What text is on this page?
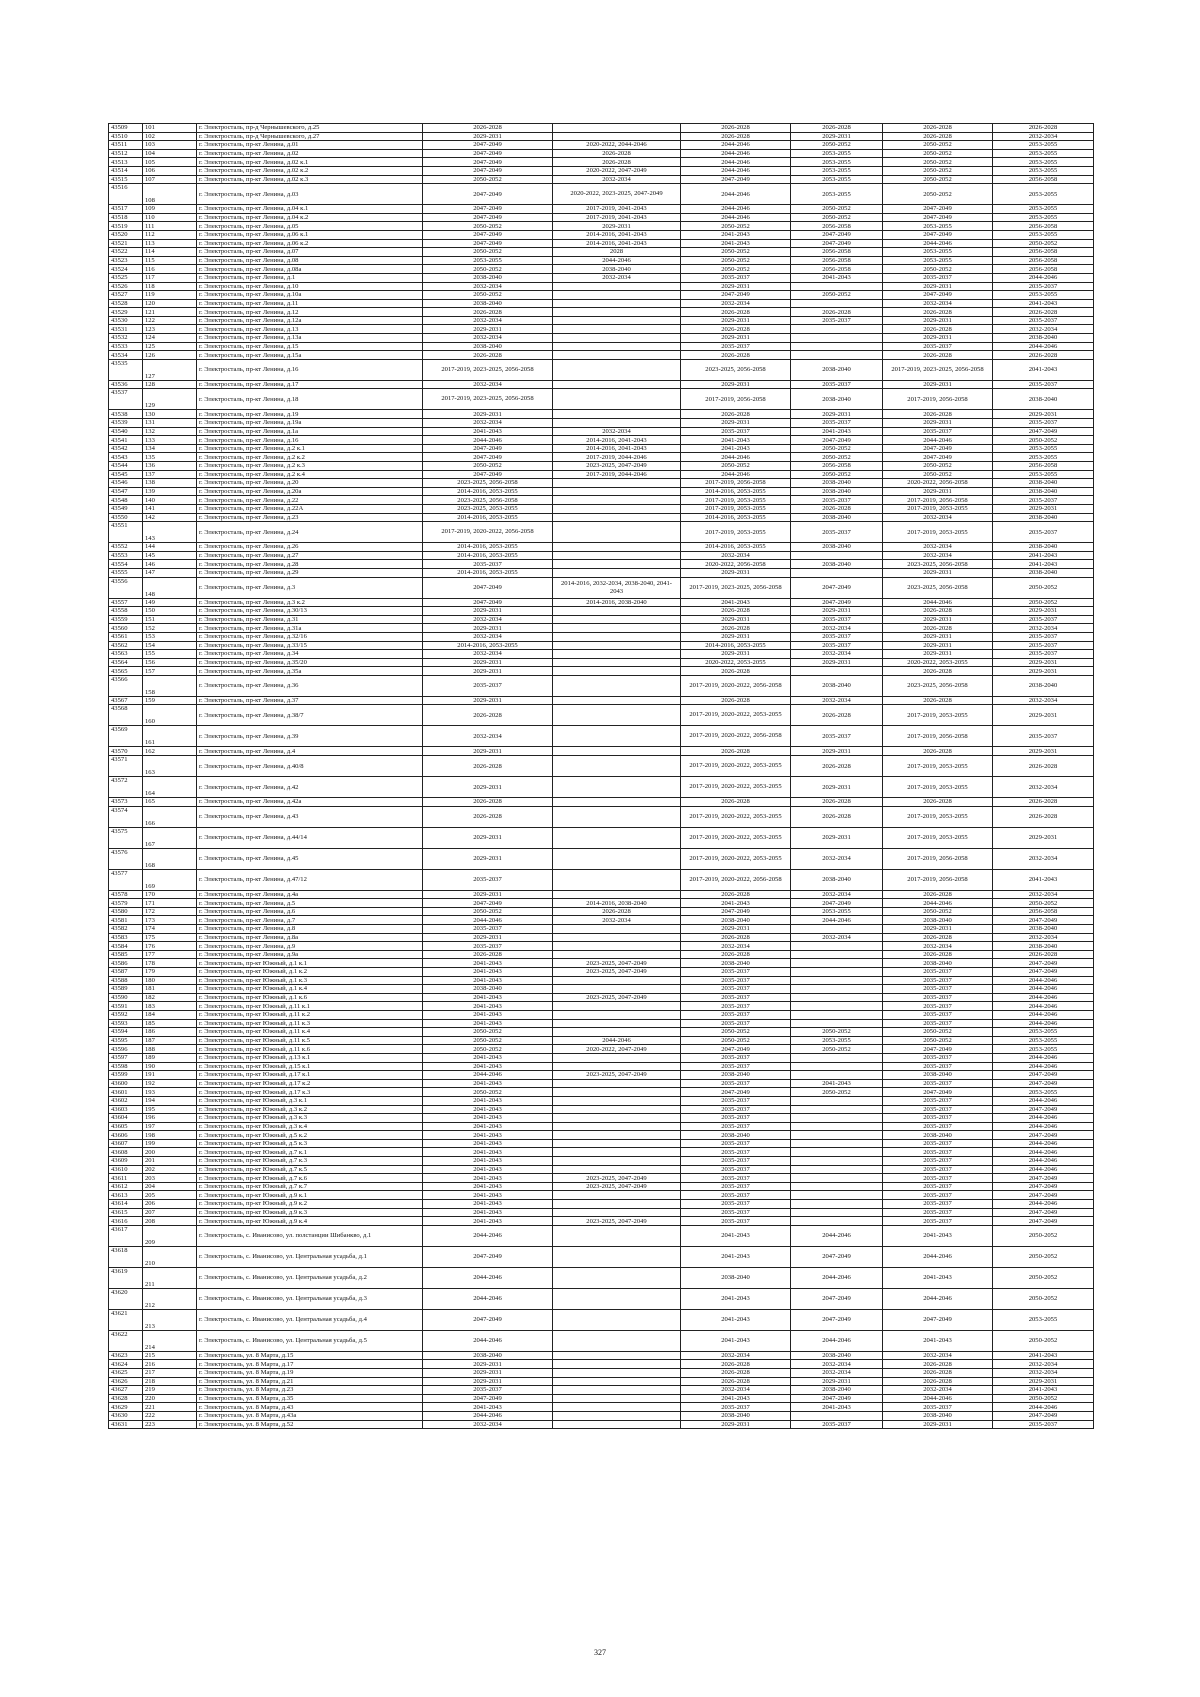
43509	101	г. Электросталь, пр-д Чернышевского, д.25	2026-2028		2026-2028	2026-2028	2026-2028	2026-2028
43510	102	г. Электросталь, пр-д Чернышевского, д.27	2029-2031		2026-2028	2029-2031	2026-2028	2032-2034
43511	103	г. Электросталь, пр-кт Ленина, д.01	2047-2049	2020-2022, 2044-2046	2044-2046	2050-2052	2050-2052	2053-2055
43512	104	г. Электросталь, пр-кт Ленина, д.02	2047-2049	2026-2028	2044-2046	2053-2055	2050-2052	2053-2055
43513	105	г. Электросталь, пр-кт Ленина, д.02 к.1	2047-2049	2026-2028	2044-2046	2053-2055	2050-2052	2053-2055
43514	106	г. Электросталь, пр-кт Ленина, д.02 к.2	2047-2049	2020-2022, 2047-2049	2044-2046	2053-2055	2050-2052	2053-2055
43515	107	г. Электросталь, пр-кт Ленина, д.02 к.3	2050-2052	2032-2034	2047-2049	2053-2055	2050-2052	2056-2058
43516	108	г. Электросталь, пр-кт Ленина, д.03	2047-2049	2020-2022, 2023-2025, 2047-2049	2044-2046	2053-2055	2050-2052	2053-2055
43517	109	г. Электросталь, пр-кт Ленина, д.04 к.1	2047-2049	2017-2019, 2041-2043	2044-2046	2050-2052	2047-2049	2053-2055
43518	110	г. Электросталь, пр-кт Ленина, д.04 к.2	2047-2049	2017-2019, 2041-2043	2044-2046	2050-2052	2047-2049	2053-2055
43519	111	г. Электросталь, пр-кт Ленина, д.05	2050-2052	2029-2031	2050-2052	2056-2058	2053-2055	2056-2058
43520	112	г. Электросталь, пр-кт Ленина, д.06 к.1	2047-2049	2014-2016, 2041-2043	2041-2043	2047-2049	2047-2049	2053-2055
43521	113	г. Электросталь, пр-кт Ленина, д.06 к.2	2047-2049	2014-2016, 2041-2043	2041-2043	2047-2049	2044-2046	2050-2052
43522	114	г. Электросталь, пр-кт Ленина, д.07	2050-2052	2028	2050-2052	2056-2058	2053-2055	2056-2058
43523	115	г. Электросталь, пр-кт Ленина, д.08	2053-2055	2044-2046	2050-2052	2056-2058	2053-2055	2056-2058
43524	116	г. Электросталь, пр-кт Ленина, д.08а	2050-2052	2038-2040	2050-2052	2056-2058	2050-2052	2056-2058
43525	117	г. Электросталь, пр-кт Ленина, д.1	2038-2040	2032-2034	2035-2037	2041-2043	2035-2037	2044-2046
43526	118	г. Электросталь, пр-кт Ленина, д.10	2032-2034		2029-2031		2029-2031	2035-2037
43527	119	г. Электросталь, пр-кт Ленина, д.10а	2050-2052		2047-2049	2050-2052	2047-2049	2053-2055
43528	120	г. Электросталь, пр-кт Ленина, д.11	2038-2040		2032-2034		2032-2034	2041-2043
43529	121	г. Электросталь, пр-кт Ленина, д.12	2026-2028		2026-2028	2026-2028	2026-2028	2026-2028
43530	122	г. Электросталь, пр-кт Ленина, д.12а	2032-2034		2029-2031	2035-2037	2029-2031	2035-2037
43531	123	г. Электросталь, пр-кт Ленина, д.13	2029-2031		2026-2028		2026-2028	2032-2034
43532	124	г. Электросталь, пр-кт Ленина, д.13а	2032-2034		2029-2031		2029-2031	2038-2040
43533	125	г. Электросталь, пр-кт Ленина, д.15	2038-2040		2035-2037		2035-2037	2044-2046
43534	126	г. Электросталь, пр-кт Ленина, д.15а	2026-2028		2026-2028		2026-2028	2026-2028
43535	127	г. Электросталь, пр-кт Ленина, д.16	2017-2019, 2023-2025, 2056-2058		2023-2025, 2056-2058	2038-2040	2017-2019, 2023-2025, 2056-2058	2041-2043
43536	128	г. Электросталь, пр-кт Ленина, д.17	2032-2034		2029-2031	2035-2037	2029-2031	2035-2037
43537	129	г. Электросталь, пр-кт Ленина, д.18	2017-2019, 2023-2025, 2056-2058		2017-2019, 2056-2058	2038-2040	2017-2019, 2056-2058	2038-2040
43538	130	г. Электросталь, пр-кт Ленина, д.19	2029-2031		2026-2028	2029-2031	2026-2028	2029-2031
43539	131	г. Электросталь, пр-кт Ленина, д.19а	2032-2034		2029-2031	2035-2037	2029-2031	2035-2037
43540	132	г. Электросталь, пр-кт Ленина, д.1а	2041-2043	2032-2034	2035-2037	2041-2043	2035-2037	2047-2049
43541	133	г. Электросталь, пр-кт Ленина, д.16	2044-2046	2014-2016, 2041-2043	2041-2043	2047-2049	2044-2046	2050-2052
43542	134	г. Электросталь, пр-кт Ленина, д.2 к.1	2047-2049	2014-2016, 2041-2043	2041-2043	2050-2052	2047-2049	2053-2055
43543	135	г. Электросталь, пр-кт Ленина, д.2 к.2	2047-2049	2017-2019, 2044-2046	2044-2046	2050-2052	2047-2049	2053-2055
43544	136	г. Электросталь, пр-кт Ленина, д.2 к.3	2050-2052	2023-2025, 2047-2049	2050-2052	2056-2058	2050-2052	2056-2058
43545	137	г. Электросталь, пр-кт Ленина, д.2 к.4	2047-2049	2017-2019, 2044-2046	2044-2046	2050-2052	2050-2052	2053-2055
43546	138	г. Электросталь, пр-кт Ленина, д.20	2023-2025, 2056-2058		2017-2019, 2056-2058	2038-2040	2020-2022, 2056-2058	2038-2040
43547	139	г. Электросталь, пр-кт Ленина, д.20а	2014-2016, 2053-2055		2014-2016, 2053-2055	2038-2040	2029-2031	2038-2040
43548	140	г. Электросталь, пр-кт Ленина, д.22	2023-2025, 2056-2058		2017-2019, 2053-2055	2035-2037	2017-2019, 2056-2058	2035-2037
43549	141	г. Электросталь, пр-кт Ленина, д.22А	2023-2025, 2053-2055		2017-2019, 2053-2055	2026-2028	2017-2019, 2053-2055	2029-2031
43550	142	г. Электросталь, пр-кт Ленина, д.23	2014-2016, 2053-2055		2014-2016, 2053-2055	2038-2040	2032-2034	2038-2040
43551	143	г. Электросталь, пр-кт Ленина, д.24	2017-2019, 2020-2022, 2056-2058		2017-2019, 2053-2055	2035-2037	2017-2019, 2053-2055	2035-2037
43552	144	г. Электросталь, пр-кт Ленина, д.26	2014-2016, 2053-2055		2014-2016, 2053-2055	2038-2040	2032-2034	2038-2040
43553	145	г. Электросталь, пр-кт Ленина, д.27	2014-2016, 2053-2055		2032-2034		2032-2034	2041-2043
43554	146	г. Электросталь, пр-кт Ленина, д.28	2035-2037		2020-2022, 2056-2058	2038-2040	2023-2025, 2056-2058	2041-2043
43555	147	г. Электросталь, пр-кт Ленина, д.29	2014-2016, 2053-2055		2029-2031		2029-2031	2038-2040
43556	148	г. Электросталь, пр-кт Ленина, д.3	2047-2049	2014-2016, 2032-2034, 2038-2040, 2041-2043	2017-2019, 2023-2025, 2056-2058	2047-2049	2023-2025, 2056-2058	2050-2052
43557	149	г. Электросталь, пр-кт Ленина, д.3 к.2	2047-2049	2014-2016, 2038-2040	2041-2043	2047-2049	2044-2046	2050-2052
43558	150	г. Электросталь, пр-кт Ленина, д.30/13	2029-2031		2026-2028	2029-2031	2026-2028	2029-2031
43559	151	г. Электросталь, пр-кт Ленина, д.31	2032-2034		2029-2031	2035-2037	2029-2031	2035-2037
43560	152	г. Электросталь, пр-кт Ленина, д.31а	2029-2031		2026-2028	2032-2034	2026-2028	2032-2034
43561	153	г. Электросталь, пр-кт Ленина, д.32/16	2032-2034		2029-2031	2035-2037	2029-2031	2035-2037
43562	154	г. Электросталь, пр-кт Ленина, д.33/15	2014-2016, 2053-2055		2014-2016, 2053-2055	2035-2037	2029-2031	2035-2037
43563	155	г. Электросталь, пр-кт Ленина, д.34	2032-2034		2029-2031	2032-2034	2029-2031	2035-2037
43564	156	г. Электросталь, пр-кт Ленина, д.35/20	2029-2031		2020-2022, 2053-2055	2029-2031	2020-2022, 2053-2055	2029-2031
43565	157	г. Электросталь, пр-кт Ленина, д.35а	2029-2031		2026-2028		2026-2028	2029-2031
43566	158	г. Электросталь, пр-кт Ленина, д.36	2035-2037		2017-2019, 2020-2022, 2056-2058	2038-2040	2023-2025, 2056-2058	2038-2040
43567	159	г. Электросталь, пр-кт Ленина, д.37	2029-2031		2026-2028	2032-2034	2026-2028	2032-2034
43568	160	г. Электросталь, пр-кт Ленина, д.38/7	2026-2028		2017-2019, 2020-2022, 2053-2055	2026-2028	2017-2019, 2053-2055	2029-2031
43569	161	г. Электросталь, пр-кт Ленина, д.39	2032-2034		2017-2019, 2020-2022, 2056-2058	2035-2037	2017-2019, 2056-2058	2035-2037
43570	162	г. Электросталь, пр-кт Ленина, д.4	2029-2031		2026-2028	2029-2031	2026-2028	2029-2031
43571	163	г. Электросталь, пр-кт Ленина, д.40/8	2026-2028		2017-2019, 2020-2022, 2053-2055	2026-2028	2017-2019, 2053-2055	2026-2028
43572	164	г. Электросталь, пр-кт Ленина, д.42	2029-2031		2017-2019, 2020-2022, 2053-2055	2029-2031	2017-2019, 2053-2055	2032-2034
43573	165	г. Электросталь, пр-кт Ленина, д.42а	2026-2028		2026-2028	2026-2028	2026-2028	2026-2028
43574	166	г. Электросталь, пр-кт Ленина, д.43	2026-2028		2017-2019, 2020-2022, 2053-2055	2026-2028	2017-2019, 2053-2055	2026-2028
43575	167	г. Электросталь, пр-кт Ленина, д.44/14	2029-2031		2017-2019, 2020-2022, 2053-2055	2029-2031	2017-2019, 2053-2055	2029-2031
43576	168	г. Электросталь, пр-кт Ленина, д.45	2029-2031		2017-2019, 2020-2022, 2053-2055	2032-2034	2017-2019, 2056-2058	2032-2034
43577	169	г. Электросталь, пр-кт Ленина, д.47/12	2035-2037		2017-2019, 2020-2022, 2056-2058	2038-2040	2017-2019, 2056-2058	2041-2043
43578	170	г. Электросталь, пр-кт Ленина, д.4а	2029-2031		2026-2028	2032-2034	2026-2028	2032-2034
43579	171	г. Электросталь, пр-кт Ленина, д.5	2047-2049	2014-2016, 2038-2040	2041-2043	2047-2049	2044-2046	2050-2052
43580	172	г. Электросталь, пр-кт Ленина, д.6	2050-2052	2026-2028	2047-2049	2053-2055	2050-2052	2056-2058
43581	173	г. Электросталь, пр-кт Ленина, д.7	2044-2046	2032-2034	2038-2040	2044-2046	2038-2040	2047-2049
43582	174	г. Электросталь, пр-кт Ленина, д.8	2035-2037		2029-2031		2029-2031	2038-2040
43583	175	г. Электросталь, пр-кт Ленина, д.8а	2029-2031		2026-2028	2032-2034	2026-2028	2032-2034
43584	176	г. Электросталь, пр-кт Ленина, д.9	2035-2037		2032-2034		2032-2034	2038-2040
43585	177	г. Электросталь, пр-кт Ленина, д.9а	2026-2028		2026-2028		2026-2028	2026-2028
43586	178	г. Электросталь, пр-кт Южный, д.1 к.1	2041-2043	2023-2025, 2047-2049	2038-2040		2038-2040	2047-2049
43587	179	г. Электросталь, пр-кт Южный, д.1 к.2	2041-2043	2023-2025, 2047-2049	2035-2037		2035-2037	2047-2049
43588	180	г. Электросталь, пр-кт Южный, д.1 к.3	2041-2043		2035-2037		2035-2037	2044-2046
43589	181	г. Электросталь, пр-кт Южный, д.1 к.4	2038-2040		2035-2037		2035-2037	2044-2046
43590	182	г. Электросталь, пр-кт Южный, д.1 к.6	2041-2043	2023-2025, 2047-2049	2035-2037		2035-2037	2044-2046
43591	183	г. Электросталь, пр-кт Южный, д.11 к.1	2041-2043		2035-2037		2035-2037	2044-2046
43592	184	г. Электросталь, пр-кт Южный, д.11 к.2	2041-2043		2035-2037		2035-2037	2044-2046
43593	185	г. Электросталь, пр-кт Южный, д.11 к.3	2041-2043		2035-2037		2035-2037	2044-2046
43594	186	г. Электросталь, пр-кт Южный, д.11 к.4	2050-2052		2050-2052	2050-2052	2050-2052	2053-2055
43595	187	г. Электросталь, пр-кт Южный, д.11 к.5	2050-2052	2044-2046	2050-2052	2053-2055	2050-2052	2053-2055
43596	188	г. Электросталь, пр-кт Южный, д.11 к.6	2050-2052	2020-2022, 2047-2049	2047-2049	2050-2052	2047-2049	2053-2055
43597	189	г. Электросталь, пр-кт Южный, д.13 к.1	2041-2043		2035-2037		2035-2037	2044-2046
43598	190	г. Электросталь, пр-кт Южный, д.15 к.1	2041-2043		2035-2037		2035-2037	2044-2046
43599	191	г. Электросталь, пр-кт Южный, д.17 к.1	2044-2046	2023-2025, 2047-2049	2038-2040		2038-2040	2047-2049
43600	192	г. Электросталь, пр-кт Южный, д.17 к.2	2041-2043		2035-2037	2041-2043	2035-2037	2047-2049
43601	193	г. Электросталь, пр-кт Южный, д.17 к.3	2050-2052		2047-2049	2050-2052	2047-2049	2053-2055
43602	194	г. Электросталь, пр-кт Южный, д.3 к.1	2041-2043		2035-2037		2035-2037	2044-2046
43603	195	г. Электросталь, пр-кт Южный, д.3 к.2	2041-2043		2035-2037		2035-2037	2047-2049
43604	196	г. Электросталь, пр-кт Южный, д.3 к.3	2041-2043		2035-2037		2035-2037	2044-2046
43605	197	г. Электросталь, пр-кт Южный, д.3 к.4	2041-2043		2035-2037		2035-2037	2044-2046
43606	198	г. Электросталь, пр-кт Южный, д.5 к.2	2041-2043		2038-2040		2038-2040	2047-2049
43607	199	г. Электросталь, пр-кт Южный, д.5 к.3	2041-2043		2035-2037		2035-2037	2044-2046
43608	200	г. Электросталь, пр-кт Южный, д.7 к.1	2041-2043		2035-2037		2035-2037	2044-2046
43609	201	г. Электросталь, пр-кт Южный, д.7 к.3	2041-2043		2035-2037		2035-2037	2044-2046
43610	202	г. Электросталь, пр-кт Южный, д.7 к.5	2041-2043		2035-2037		2035-2037	2044-2046
43611	203	г. Электросталь, пр-кт Южный, д.7 к.6	2041-2043	2023-2025, 2047-2049	2035-2037		2035-2037	2047-2049
43612	204	г. Электросталь, пр-кт Южный, д.7 к.7	2041-2043	2023-2025, 2047-2049	2035-2037		2035-2037	2047-2049
43613	205	г. Электросталь, пр-кт Южный, д.9 к.1	2041-2043		2035-2037		2035-2037	2047-2049
43614	206	г. Электросталь, пр-кт Южный, д.9 к.2	2041-2043		2035-2037		2035-2037	2044-2046
43615	207	г. Электросталь, пр-кт Южный, д.9 к.3	2041-2043		2035-2037		2035-2037	2047-2049
43616	208	г. Электросталь, пр-кт Южный, д.9 к.4	2041-2043	2023-2025, 2047-2049	2035-2037		2035-2037	2047-2049
43617	209	г. Электросталь, с. Иванисово, ул. полстанции Шибанкво, д.1	2044-2046		2041-2043	2044-2046	2041-2043	2050-2052
43618	210	г. Электросталь, с. Иванисово, ул. Центральная усадьба, д.1	2047-2049		2041-2043	2047-2049	2044-2046	2050-2052
43619	211	г. Электросталь, с. Иванисово, ул. Центральная усадьба, д.2	2044-2046		2038-2040	2044-2046	2041-2043	2050-2052
43620	212	г. Электросталь, с. Иванисово, ул. Центральная усадьба, д.3	2044-2046		2041-2043	2047-2049	2044-2046	2050-2052
43621	213	г. Электросталь, с. Иванисово, ул. Центральная усадьба, д.4	2047-2049		2041-2043	2047-2049	2047-2049	2053-2055
43622	214	г. Электросталь, с. Иванисово, ул. Центральная усадьба, д.5	2044-2046		2041-2043	2044-2046	2041-2043	2050-2052
43623	215	г. Электросталь, ул. 8 Марта, д.15	2038-2040		2032-2034	2038-2040	2032-2034	2041-2043
43624	216	г. Электросталь, ул. 8 Марта, д.17	2029-2031		2026-2028	2032-2034	2026-2028	2032-2034
43625	217	г. Электросталь, ул. 8 Марта, д.19	2029-2031		2026-2028	2032-2034	2026-2028	2032-2034
43626	218	г. Электросталь, ул. 8 Марта, д.21	2029-2031		2026-2028	2029-2031	2026-2028	2029-2031
43627	219	г. Электросталь, ул. 8 Марта, д.23	2035-2037		2032-2034	2038-2040	2032-2034	2041-2043
43628	220	г. Электросталь, ул. 8 Марта, д.35	2047-2049		2041-2043	2047-2049	2044-2046	2050-2052
43629	221	г. Электросталь, ул. 8 Марта, д.43	2041-2043		2035-2037	2041-2043	2035-2037	2044-2046
43630	222	г. Электросталь, ул. 8 Марта, д.43а	2044-2046		2038-2040		2038-2040	2047-2049
43631	223	г. Электросталь, ул. 8 Марта, д.52	2032-2034		2029-2031	2035-2037	2029-2031	2035-2037
327
